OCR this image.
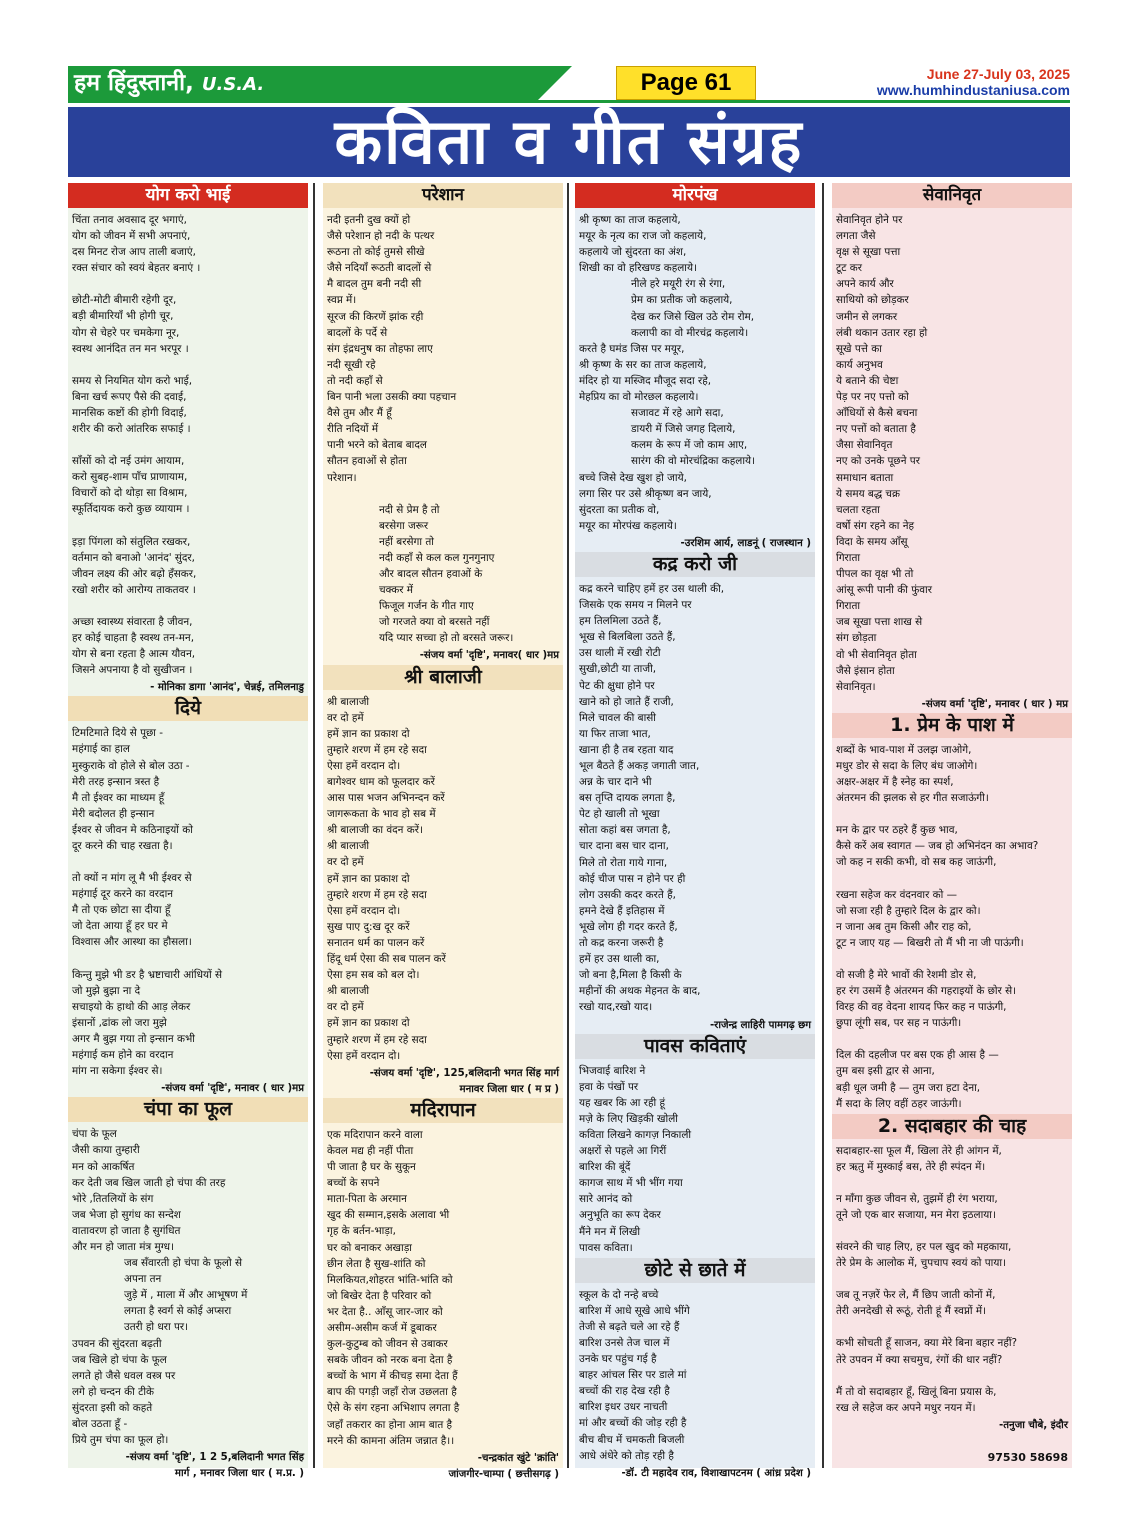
हम हिंदुस्तानी, U.S.A.	Page 61	June 27-July 03, 2025
www.humhindustaniusa.com
कविता व गीत संग्रह
योग करो भाई
चिंता तनाव अवसाद दूर भगाएं,
योग को जीवन में सभी अपनाएं,
दस मिनट रोज आप ताली बजाएं,
रक्त संचार को स्वयं बेहतर बनाएं ।
छोटी-मोटी बीमारी रहेगी दूर,
बड़ी बीमारियाँ भी होगी चूर,
योग से चेहरे पर चमकेगा नूर,
स्वस्थ आनंदित तन मन भरपूर ।
समय से नियमित योग करो भाई,
बिना खर्च रूपए पैसे की दवाई,
मानसिक कष्टों की होगी विदाई,
शरीर की करो आंतरिक सफाई ।
साँसों को दो नई उमंग आयाम,
करो सुबह-शाम पाँच प्राणायाम,
विचारों को दो थोड़ा सा विश्राम,
स्फूर्तिदायक करो कुछ व्यायाम ।
इड़ा पिंगला को संतुलित रखकर,
वर्तमान को बनाओ 'आनंद' सुंदर,
जीवन लक्ष्य की ओर बढ़ो हँसकर,
रखो शरीर को आरोग्य ताकतवर ।
अच्छा स्वास्थ्य संवारता है जीवन,
हर कोई चाहता है स्वस्थ तन-मन,
योग से बना रहता है आत्म यौवन,
जिसने अपनाया है वो सुखीजन ।
- मोनिका डागा 'आनंद', चेन्नई, तमिलनाडु
दिये
टिमटिमाते दिये से पूछा -
महंगाई का हाल
मुस्कुराके वो होले से बोल उठा -
मेरी तरह इन्सान त्रस्त है
मै तो ईश्वर का माध्यम हूँ
मेरी बदोलत ही इन्सान
ईश्वर से जीवन मे कठिनाइयों को
दूर करने की चाह रखता है।
तो क्यों न मांग लू मै भी ईश्वर से
महंगाई दूर करने का वरदान
मै तो एक छोटा सा दीया हूँ
जो देता आया हूँ हर घर मे
विश्वास और आस्था का हौसला।
किन्तु मुझे भी डर है भ्रष्टाचारी आंधियों से
जो मुझे बुझा ना दे
सचाइयो के हाथो की आड़ लेकर
इंसानों ,ढांक लो जरा मुझे
अगर मै बुझ गया तो इन्सान कभी
महंगाई कम होने का वरदान
मांग ना सकेगा ईश्वर से।
-संजय वर्मा 'दृष्टि', मनावर ( धार )मप्र
चंपा का फूल
चंपा के फूल
जैसी काया तुम्हारी
मन को आकर्षित
कर देती जब खिल जाती हो चंपा की तरह
भोरे ,तितलियों के संग
जब भेजा हो सुगंध का सन्देश
वातावरण हो जाता है सुगंधित
और मन हो जाता मंत्र मुग्ध।
जब सँवारती हो चंपा के फूलो से
अपना तन
जुड़े में , माला में और आभूषण में
लगता है स्वर्ग से कोई अप्सरा
उतरी हो धरा पर।
उपवन की सुंदरता बढ़ती
जब खिले हो चंपा के फूल
लगते हो जैसे धवल वस्त्र पर
लगे हो चन्दन की टीके
सुंदरता इसी को कहते
बोल उठता हूँ -
प्रिये तुम चंपा का फूल हो।
-संजय वर्मा 'दृष्टि', 1 2 5,बलिदानी भगत सिंह
मार्ग , मनावर जिला धार ( म.प्र. )
परेशान
नदी इतनी दुख क्यों हो
जैसे परेशान हो नदी के पत्थर
रूठना तो कोई तुमसे सीखे
जैसे नदियाँ रूठती बादलों से
मै बादल तुम बनी नदी सी
स्वप्न में।
सूरज की किरणें झांक रही
बादलों के पर्दे से
संग इंद्रधनुष का तोहफा लाए
नदी सूखी रहे
तो नदी कहाँ से
बिन पानी भला उसकी क्या पहचान
वैसे तुम और मैं हूँ
रीति नदियों में
पानी भरने को बेताब बादल
सौतन हवाओं से होता
परेशान।
नदी से प्रेम है तो
बरसेगा जरूर
नहीं बरसेगा तो
नदी कहाँ से कल कल गुनगुनाए
और बादल सौतन हवाओं के
चक्कर में
फिजूल गर्जन के गीत गाए
जो गरजते क्या वो बरसते नहीं
यदि प्यार सच्चा हो तो बरसते जरूर।
-संजय वर्मा 'दृष्टि', मनावर( धार )मप्र
श्री बालाजी
श्री बालाजी
वर दो हमें
हमें ज्ञान का प्रकाश दो
तुम्हारे शरण में हम रहे सदा
ऐसा हमें वरदान दो।
बागेश्वर धाम को फूलदार करें
आस पास भजन अभिनन्दन करें
जागरूकता के भाव हो सब में
श्री बालाजी का वंदन करें।
श्री बालाजी
वर दो हमें
हमें ज्ञान का प्रकाश दो
तुम्हारे शरण में हम रहे सदा
ऐसा हमें वरदान दो।
सुख पाए दु:ख दूर करें
सनातन धर्म का पालन करें
हिंदू धर्म ऐसा की सब पालन करें
ऐसा हम सब को बल दो।
श्री बालाजी
वर दो हमें
हमें ज्ञान का प्रकाश दो
तुम्हारे शरण में हम रहे सदा
ऐसा हमें वरदान दो।
-संजय वर्मा 'दृष्टि', 125,बलिदानी भगत सिंह मार्ग
मनावर जिला धार ( म प्र )
मदिरापान
एक मदिरापान करने वाला
केवल मद्य ही नहीं पीता
पी जाता है घर के सुकून
बच्चों के सपने
माता-पिता के अरमान
खुद की सम्मान,इसके अलावा भी
गृह के बर्तन-भाड़ा,
घर को बनाकर अखाड़ा
छीन लेता है सुख-शांति को
मिलकियत,शोहरत भांति-भांति को
जो बिखेर देता है परिवार को
भर देता है.. आँसू जार-जार को
असीम-असीम कर्ज में डूबाकर
कुल-कुटुम्ब को जीवन से उबाकर
सबके जीवन को नरक बना देता है
बच्चों के भाग में कीचड़ समा देता हैं
बाप की पगड़ी जहाँ रोज उछलता है
ऐसे के संग रहना अभिशाप लगता है
जहाँ तकरार का होना आम बात है
मरने की कामना अंतिम जन्नात है।।
-चन्द्रकांत खुंटे 'क्रांति'
जांजगीर-चाम्पा ( छत्तीसगढ़ )
मोरपंख
श्री कृष्ण का ताज कहलाये,
मयूर के नृत्य का राज जो कहलाये,
कहलाये जो सुंदरता का अंश,
शिखी का वो हरिखण्ड कहलाये।
नीले हरे मयूरी रंग से रंगा,
प्रेम का प्रतीक जो कहलाये,
देख कर जिसे खिल उठे रोम रोम,
कलापी का वो मीरचंद्र कहलाये।
करते है घमंड जिस पर मयूर,
श्री कृष्ण के सर का ताज कहलाये,
मंदिर हो या मस्जिद मौजूद सदा रहे,
मेहप्रिय का वो मोरछल कहलाये।
सजावट में रहे आगे सदा,
डायरी में जिसे जगह दिलाये,
कलम के रूप में जो काम आए,
सारंग की वो मोरचंद्रिका कहलाये।
बच्चे जिसे देख खुश हो जाये,
लगा सिर पर उसे श्रीकृष्ण बन जाये,
सुंदरता का प्रतीक वो,
मयूर का मोरपंख कहलाये।
-उरशिम आर्य, लाडनूं ( राजस्थान )
कद्र करो जी
कद्र करने चाहिए हमें हर उस थाली की,
जिसके एक समय न मिलने पर
हम तिलमिला उठते हैं,
भूख से बिलबिला उठते हैं,
उस थाली में रखी रोटी
सुखी,छोटी या ताजी,
पेट की क्षुधा होने पर
खाने को हो जाते हैं राजी,
मिले चावल की बासी
या फिर ताजा भात,
खाना ही है तब रहता याद
भूल बैठते हैं अकड़ जगाती जात,
अन्न के चार दाने भी
बस तृप्ति दायक लगता है,
पेट हो खाली तो भूखा
सोता कहां बस जगता है,
चार दाना बस चार दाना,
मिले तो रोता गाये गाना,
कोई चीज पास न होने पर ही
लोग उसकी कदर करते हैं,
हमने देखे हैं इतिहास में
भूखे लोग ही गदर करते हैं,
तो कद्र करना जरूरी है
हमें हर उस थाली का,
जो बना है,मिला है किसी के
महीनों की अथक मेहनत के बाद,
रखो याद,रखो याद।
-राजेन्द्र लाहिरी पामगढ़ छग
पावस कविताएं
भिजवाई बारिश ने
हवा के पंखों पर
यह खबर कि आ रही हूं
मज़े के लिए खिड़की खोली
कविता लिखने कागज़ निकाली
अक्षरों से पहले आ गिरीं
बारिश की बूंदें
कागज साथ में भी भींग गया
सारे आनंद को
अनुभूति का रूप देकर
मैंने मन में लिखी
पावस कविता।
छोटे से छाते में
स्कूल के दो नन्हे बच्चे
बारिश में आधे सूखे आधे भींगे
तेजी से बढ़ते चले आ रहे हैं
बारिश उनसे तेज चाल में
उनके घर पहुंच गई है
बाहर आंचल सिर पर डाले मां
बच्चों की राह देख रही है
बारिश इधर उधर नाचती
मां और बच्चों की जोड़ रही है
बीच बीच में चमकती बिजली
आधे अंधेरे को तोड़ रही है
-डॉ. टी महादेव राव, विशाखापटनम ( आंध्र प्रदेश )
सेवानिवृत
सेवानिवृत होने पर
लगता जैसे
वृक्ष से सूखा पत्ता
टूट कर
अपने कार्य और
साथियो को छोड़कर
जमीन से लगकर
लंबी थकान उतार रहा हो
सूखे पत्ते का
कार्य अनुभव
ये बताने की चेष्टा
पेड़ पर नए पत्तो को
आँधियों से कैसे बचना
नए पत्तों को बताता है
जैसा सेवानिवृत
नए को उनके पूछने पर
समाधान बताता
ये समय बद्ध चक्र
चलता रहता
वर्षो संग रहने का नेह
विदा के समय आँसू
गिराता
पीपल का वृक्ष भी तो
आंसू रूपी पानी की फुंवार
गिराता
जब सूखा पत्ता शाख से
संग छोड़ता
वो भी सेवानिवृत होता
जैसे इंसान होता
सेवानिवृत।
-संजय वर्मा 'दृष्टि', मनावर ( धार ) मप्र
1. प्रेम के पाश में
शब्दों के भाव-पाश में उलझ जाओगे,
मधुर डोर से सदा के लिए बंध जाओगे।
अक्षर-अक्षर में है स्नेह का स्पर्श,
अंतरमन की झलक से हर गीत सजाऊंगी।
मन के द्वार पर ठहरे हैं कुछ भाव,
कैसे करें अब स्वागत — जब हो अभिनंदन का अभाव?
जो कह न सकी कभी, वो सब कह जाऊंगी,
रखना सहेज कर वंदनवार को —
जो सजा रही है तुम्हारे दिल के द्वार को।
न जाना अब तुम किसी और राह को,
टूट न जाए यह — बिखरी तो मैं भी ना जी पाऊंगी।
वो सजी है मेरे भावों की रेशमी डोर से,
हर रंग उसमें है अंतरमन की गहराइयों के छोर से।
विरह की वह वेदना शायद फिर कह न पाऊंगी,
छुपा लूंगी सब, पर सह न पाऊंगी।
दिल की दहलीज पर बस एक ही आस है —
तुम बस इसी द्वार से आना,
बड़ी धूल जमी है — तुम जरा हटा देना,
मैं सदा के लिए वहीं ठहर जाऊंगी।
2. सदाबहार की चाह
सदाबहार-सा फूल मैं, खिला तेरे ही आंगन में,
हर ऋतु में मुस्काई बस, तेरे ही स्पंदन में।
न माँगा कुछ जीवन से, तुझमें ही रंग भराया,
तूने जो एक बार सजाया, मन मेरा इठलाया।
संवरने की चाह लिए, हर पल खुद को महकाया,
तेरे प्रेम के आलोक में, चुपचाप स्वयं को पाया।
जब तू नज़रें फेर ले, मैं छिप जाती कोनों में,
तेरी अनदेखी से रूठूं, रोती हूं मैं स्वप्नों में।
कभी सोचती हूँ साजन, क्या मेरे बिना बहार नहीं?
तेरे उपवन में क्या सचमुच, रंगों की धार नहीं?
मैं तो वो सदाबहार हूँ, खिलूं बिना प्रयास के,
रख ले सहेज कर अपने मधुर नयन में।
-तनुजा चौबे, इंदौर
97530 58698
